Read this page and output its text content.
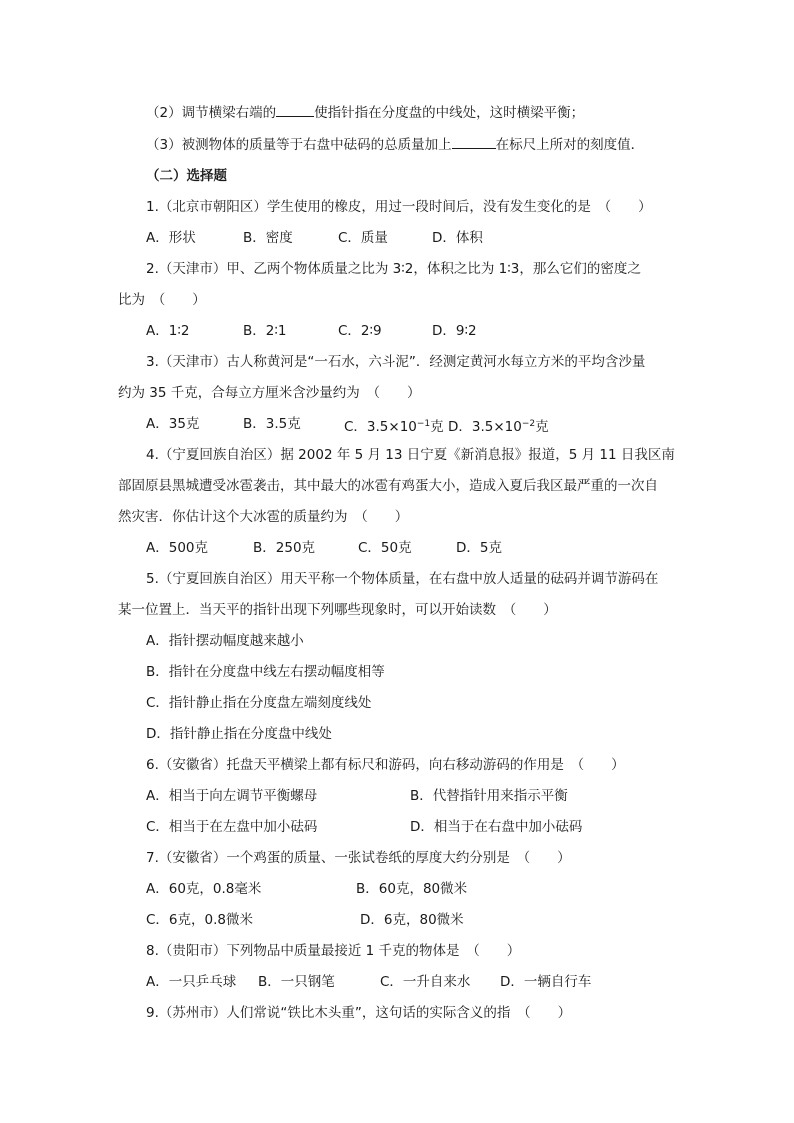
（2）调节横梁右端的	使指针指在分度盘的中线处，这时横梁平衡；
（3）被测物体的质量等于右盘中砝码的总质量加上	在标尺上所对的刻度值．
（二）选择题
1.（北京市朝阳区）学生使用的橡皮，用过一段时间后，没有发生变化的是　（　　）
A．形状	B．密度	C．质量	D．体积
2.（天津市）甲、乙两个物体质量之比为 3∶2，体积之比为 1∶3，那么它们的密度之
比为　（　　）
A．1∶2	B．2∶1	C．2∶9	D．9∶2
3.（天津市）古人称黄河是“一石水，六斗泥”．经测定黄河水每立方米的平均含沙量
约为 35 千克，合每立方厘米含沙量约为　（　　）
A．35克	B．3.5克	C．$3.5\times 10^{-1}$克 D．$3.5\times 10^{-2}$克
4.（宁夏回族自治区）据 2002 年 5 月 13 日宁夏《新消息报》报道，5 月 11 日我区南
部固原县黑城遭受冰雹袭击，其中最大的冰雹有鸡蛋大小，造成入夏后我区最严重的一次自
然灾害．你估计这个大冰雹的质量约为　（　　）
A．500克	B．250克	C．50克	D．5克
5.（宁夏回族自治区）用天平称一个物体质量，在右盘中放人适量的砝码并调节游码在
某一位置上．当天平的指针出现下列哪些现象时，可以开始读数　（　　）
A．指针摆动幅度越来越小
B．指针在分度盘中线左右摆动幅度相等
C．指针静止指在分度盘左端刻度线处
D．指针静止指在分度盘中线处
6.（安徽省）托盘天平横梁上都有标尺和游码，向右移动游码的作用是　（　　）
A．相当于向左调节平衡螺母	B．代替指针用来指示平衡
C．相当于在左盘中加小砝码	D．相当于在右盘中加小砝码
7.（安徽省）一个鸡蛋的质量、一张试卷纸的厚度大约分别是　（　　）
A．60克，0.8毫米	B．60克，80微米
C．6克，0.8微米	D．6克，80微米
8.（贵阳市）下列物品中质量最接近 1 千克的物体是　（　　）
A．一只乒乓球 B．一只钢笔	C．一升自来水 D．一辆自行车
9.（苏州市）人们常说“铁比木头重”，这句话的实际含义的指　（　　）
